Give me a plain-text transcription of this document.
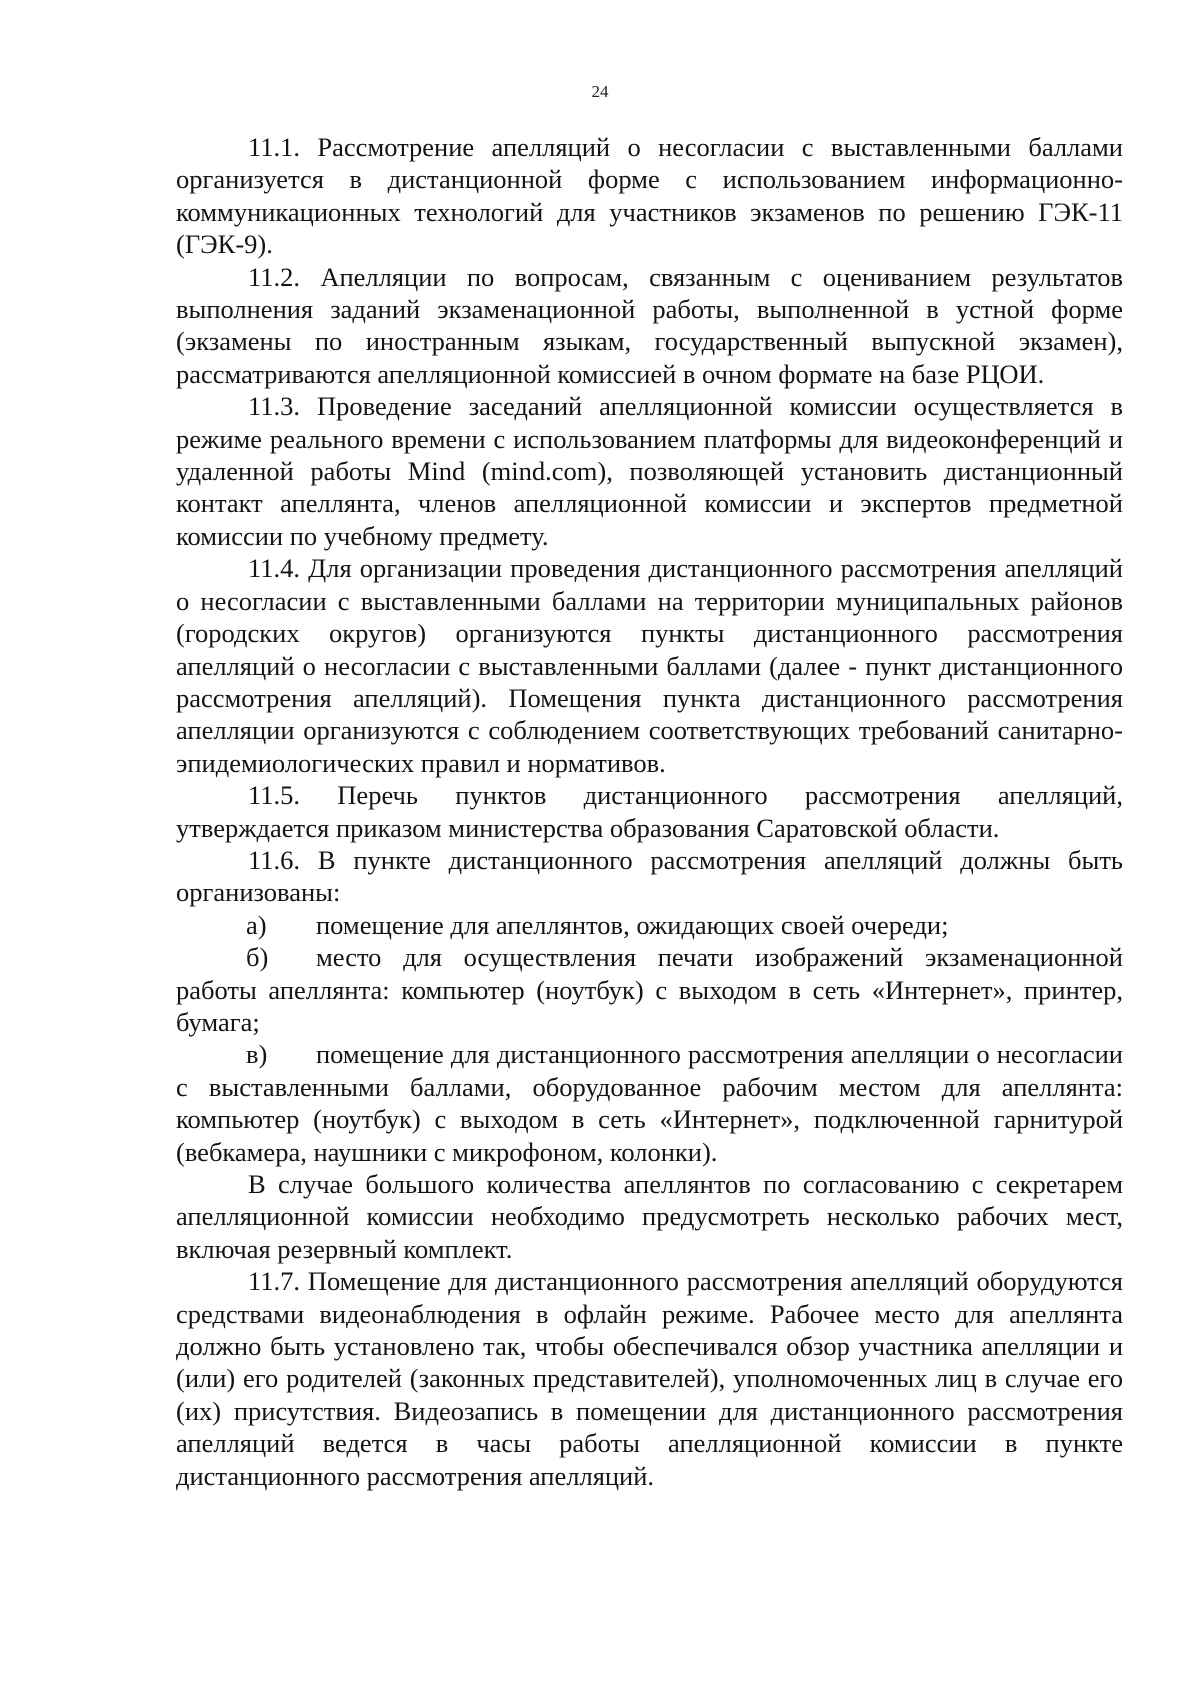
24

11.1. Рассмотрение апелляций о несогласии с выставленными баллами организуется в дистанционной форме с использованием информационно-коммуникационных технологий для участников экзаменов по решению ГЭК-11 (ГЭК-9).

11.2. Апелляции по вопросам, связанным с оцениванием результатов выполнения заданий экзаменационной работы, выполненной в устной форме (экзамены по иностранным языкам, государственный выпускной экзамен), рассматриваются апелляционной комиссией в очном формате на базе РЦОИ.

11.3. Проведение заседаний апелляционной комиссии осуществляется в режиме реального времени с использованием платформы для видеоконференций и удаленной работы Mind (mind.com), позволяющей установить дистанционный контакт апеллянта, членов апелляционной комиссии и экспертов предметной комиссии по учебному предмету.

11.4. Для организации проведения дистанционного рассмотрения апелляций о несогласии с выставленными баллами на территории муниципальных районов (городских округов) организуются пункты дистанционного рассмотрения апелляций о несогласии с выставленными баллами (далее - пункт дистанционного рассмотрения апелляций). Помещения пункта дистанционного рассмотрения апелляции организуются с соблюдением соответствующих требований санитарно-эпидемиологических правил и нормативов.

11.5. Перечь пунктов дистанционного рассмотрения апелляций, утверждается приказом министерства образования Саратовской области.

11.6. В пункте дистанционного рассмотрения апелляций должны быть организованы:

а) помещение для апеллянтов, ожидающих своей очереди;

б) место для осуществления печати изображений экзаменационной работы апеллянта: компьютер (ноутбук) с выходом в сеть «Интернет», принтер, бумага;

в) помещение для дистанционного рассмотрения апелляции о несогласии с выставленными баллами, оборудованное рабочим местом для апеллянта: компьютер (ноутбук) с выходом в сеть «Интернет», подключенной гарнитурой (вебкамера, наушники с микрофоном, колонки).

В случае большого количества апеллянтов по согласованию с секретарем апелляционной комиссии необходимо предусмотреть несколько рабочих мест, включая резервный комплект.

11.7. Помещение для дистанционного рассмотрения апелляций оборудуются средствами видеонаблюдения в офлайн режиме. Рабочее место для апеллянта должно быть установлено так, чтобы обеспечивался обзор участника апелляции и (или) его родителей (законных представителей), уполномоченных лиц в случае его (их) присутствия. Видеозапись в помещении для дистанционного рассмотрения апелляций ведется в часы работы апелляционной комиссии в пункте дистанционного рассмотрения апелляций.
